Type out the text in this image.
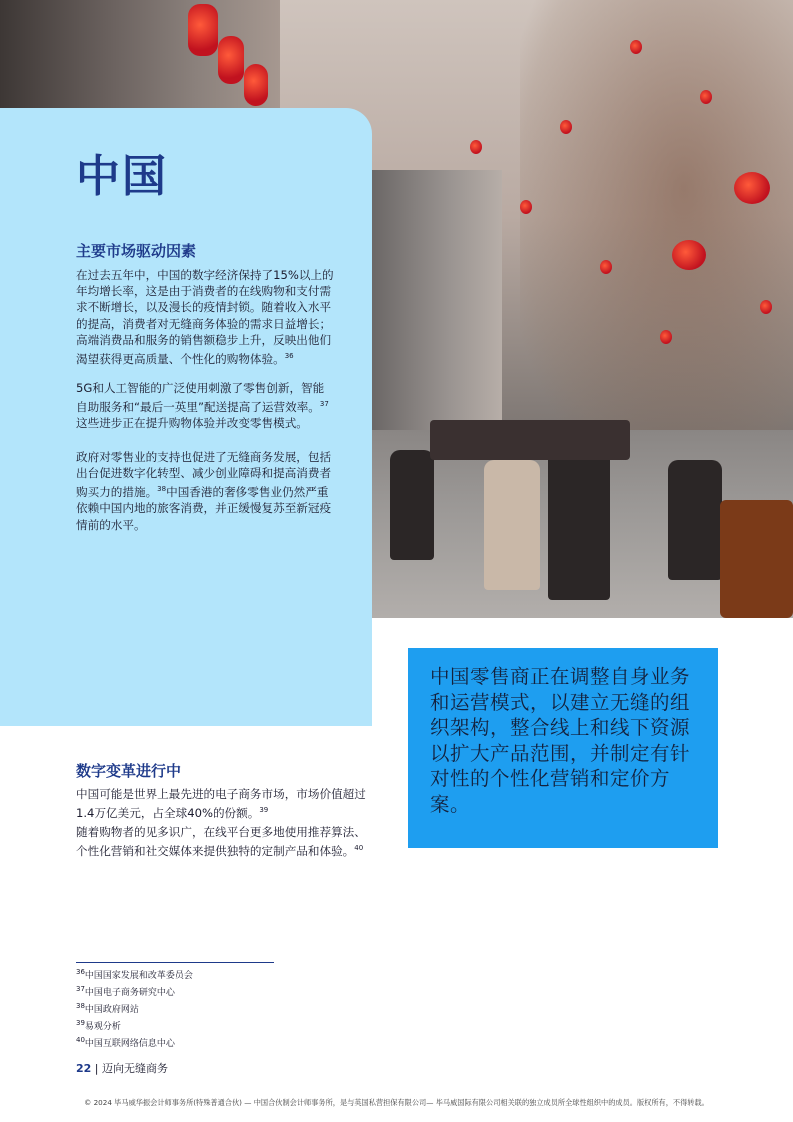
中国
主要市场驱动因素

在过去五年中，中国的数字经济保持了15%以上的年均增长率，这是由于消费者的在线购物和支付需求不断增长，以及漫长的疫情封锁。随着收入水平的提高，消费者对无缝商务体验的需求日益增长；高端消费品和服务的销售额稳步上升，反映出他们渴望获得更高质量、个性化的购物体验。$^{36}$

5G和人工智能的广泛使用刺激了零售创新，智能自助服务和“最后一英里”配送提高了运营效率。$^{37}$这些进步正在提升购物体验并改变零售模式。

政府对零售业的支持也促进了无缝商务发展，包括出台促进数字化转型、减少创业障碍和提高消费者购买力的措施。$^{38}$中国香港的奢侈零售业仍然严重依赖中国内地的旅客消费，并正缓慢复苏至新冠疫情前的水平。

中国零售商正在调整自身业务和运营模式，以建立无缝的组织架构，整合线上和线下资源以扩大产品范围，并制定有针对性的个性化营销和定价方案。

数字变革进行中

中国可能是世界上最先进的电子商务市场，市场价值超过1.4万亿美元，占全球40%的份额。$^{39}$

随着购物者的见多识广，在线平台更多地使用推荐算法、个性化营销和社交媒体来提供独特的定制产品和体验。$^{40}$

$^{36}$中国国家发展和改革委员会
$^{37}$中国电子商务研究中心
$^{38}$中国政府网站
$^{39}$易观分析
$^{40}$中国互联网络信息中心
22 | 迈向无缝商务
© 2024 毕马威华振会计师事务所(特殊普通合伙) — 中国合伙制会计师事务所，是与英国私营担保有限公司— 毕马威国际有限公司相关联的独立成员所全球性组织中的成员。版权所有，不得转载。
